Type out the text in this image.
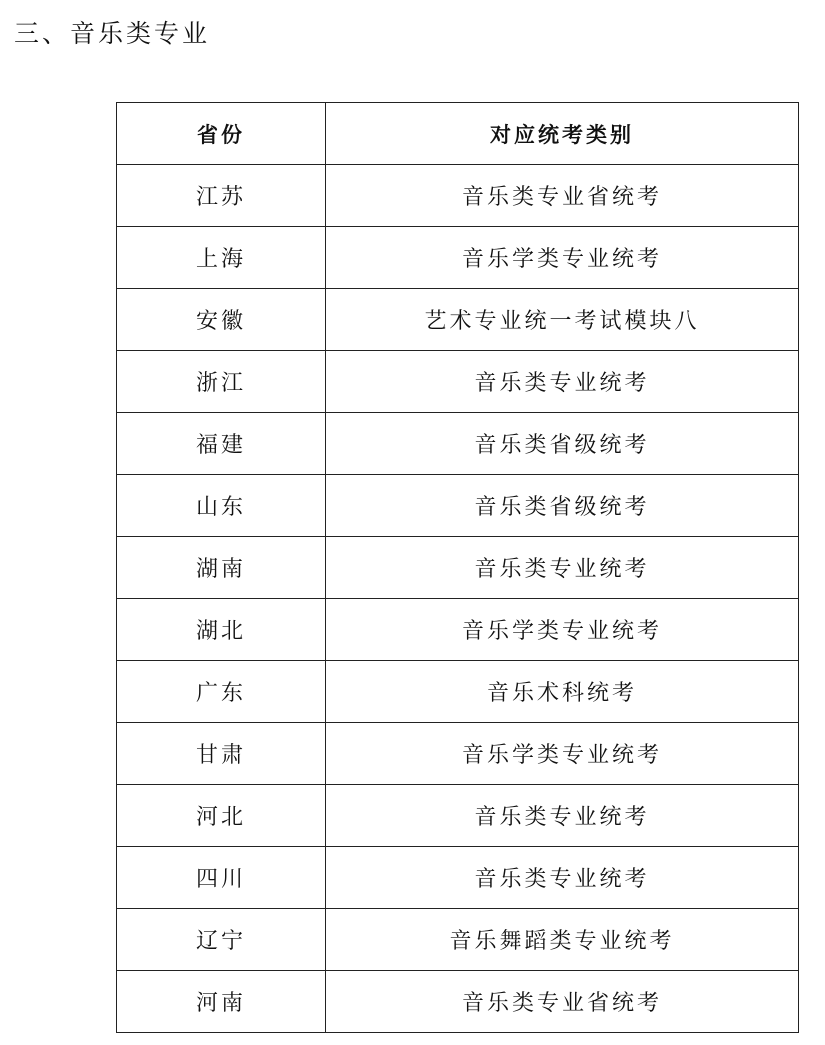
三、音乐类专业
省份	对应统考类别
江苏	音乐类专业省统考
上海	音乐学类专业统考
安徽	艺术专业统一考试模块八
浙江	音乐类专业统考
福建	音乐类省级统考
山东	音乐类省级统考
湖南	音乐类专业统考
湖北	音乐学类专业统考
广东	音乐术科统考
甘肃	音乐学类专业统考
河北	音乐类专业统考
四川	音乐类专业统考
辽宁	音乐舞蹈类专业统考
河南	音乐类专业省统考
